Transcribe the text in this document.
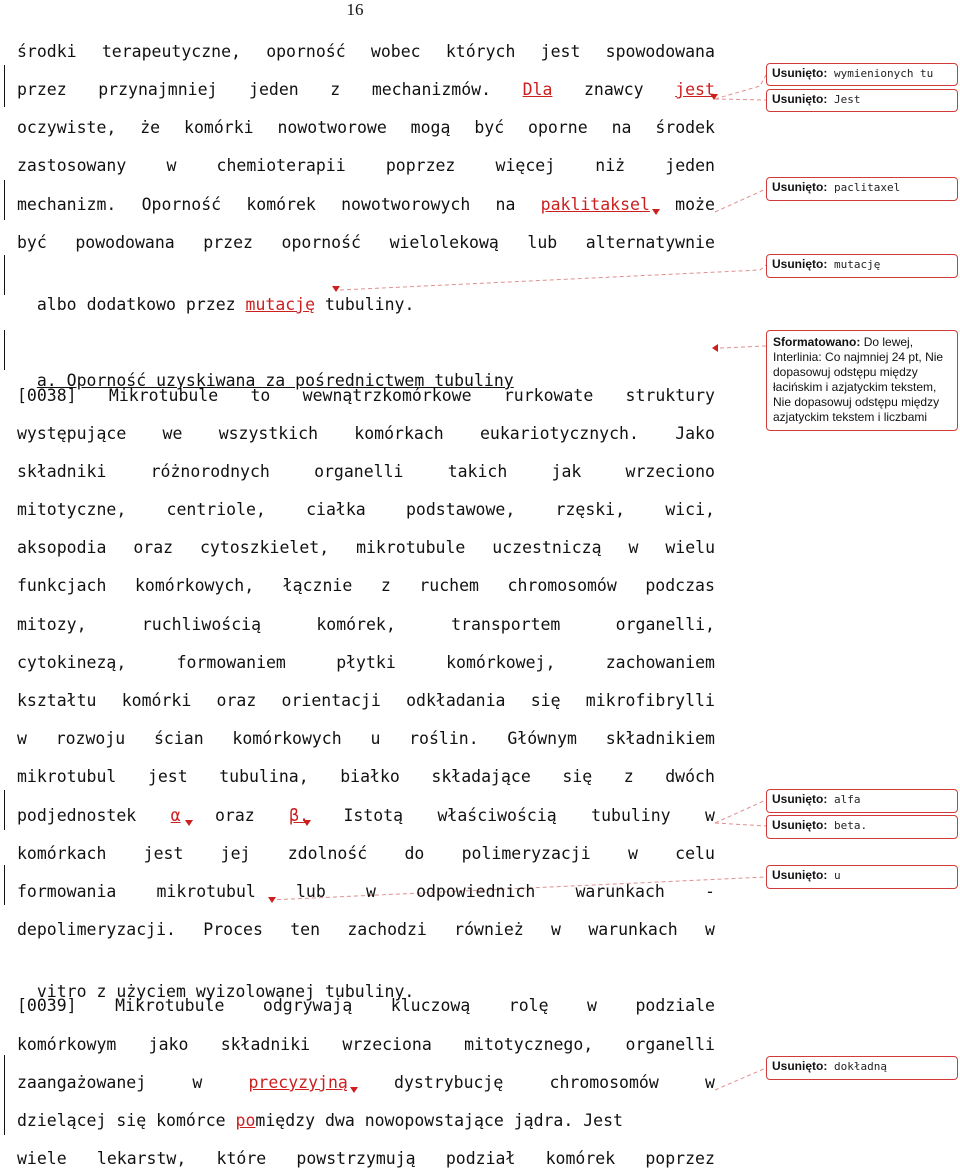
16
środki terapeutyczne, oporność wobec których jest spowodowana
przez przynajmniej jeden z mechanizmów. Dla znawcy jest
oczywiste, że komórki nowotworowe mogą być oporne na środek
zastosowany w chemioterapii poprzez więcej niż jeden
mechanizm. Oporność komórek nowotworowych na paklitaksel może
być powodowana przez oporność wielolekową lub alternatywnie

albo dodatkowo przez mutację tubuliny.

a. Oporność uzyskiwana za pośrednictwem tubuliny

[0038] Mikrotubule to wewnątrzkomórkowe rurkowate struktury
występujące we wszystkich komórkach eukariotycznych. Jako
składniki	różnorodnych	organelli	takich	jak	wrzeciono
mitotyczne, centriole, ciałka podstawowe, rzęski, wici,
aksopodia oraz cytoszkielet, mikrotubule uczestniczą w wielu
funkcjach komórkowych, łącznie z ruchem chromosomów podczas
mitozy,	ruchliwością	komórek,	transportem	organelli,
cytokinezą,	formowaniem	płytki	komórkowej,	zachowaniem
kształtu komórki oraz orientacji odkładania się mikrofibrylli
w rozwoju ścian komórkowych u roślin. Głównym składnikiem
mikrotubul jest tubulina, białko składające się z dwóch
podjednostek α oraz β. Istotą właściwością tubuliny w
komórkach jest jej zdolność do polimeryzacji w celu
formowania mikrotubul lub w odpowiednich warunkach -
depolimeryzacji. Proces ten zachodzi również w warunkach w

vitro z użyciem wyizolowanej tubuliny.

[0039] Mikrotubule odgrywają kluczową rolę w podziale
komórkowym jako składniki wrzeciona mitotycznego, organelli
zaangażowanej	w	precyzyjną	dystrybucję	chromosomów	w
dzielącej się komórce pomiędzy dwa nowopowstające jądra. Jest
wiele lekarstw, które powstrzymują podział komórek poprzez
Usunięto: wymienionych tu
Usunięto: Jest
Usunięto: paclitaxel
Usunięto: mutację
Sformatowano: Do lewej, Interlinia: Co najmniej 24 pt, Nie dopasowuj odstępu między łacińskim i azjatyckim tekstem, Nie dopasowuj odstępu między azjatyckim tekstem i liczbami
Usunięto: alfa
Usunięto: beta.
Usunięto: u
Usunięto: dokładną
